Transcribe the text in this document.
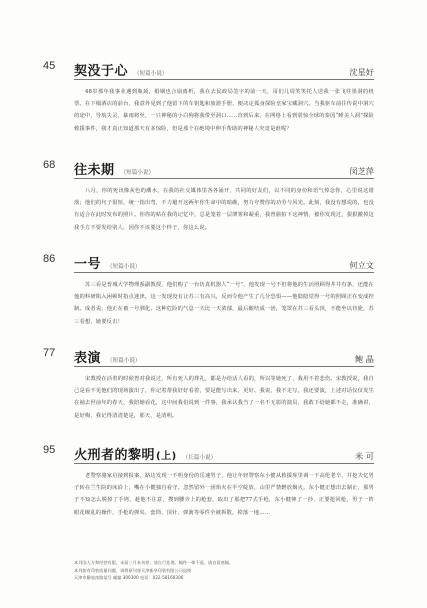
45	契没于心 （短篇小说）	沈星好
48岁那年我事业遇到瓶颈，婚姻也合崩离析，我在去民政局签字的前一天，哥们儿周笑笑托人送我一张飞往墨洞的机票。在下榻酒店的前台，我意外见到了他留下的车钥匙和旅游手册，便决定孤身探险皇家宝藏洞穴。当我驱车前往传说中洞穴的途中，导航失灵，暴雨将至，一只神秘的小白狗将我带至洞口……直到后来，在网络上看到震惊全球的泰国“睡美人洞”探险救援事件，我才真正知道那天有多惊险，但是那个在绝境中伸手帮助的神秘人究竟是谁呢？
68	往未期 （短篇小说）	闵芝萍
八月，你的死讯像灰色的潮水，在我的社交媒体里各各涌开，共同的好友们，以不同的身份和语气悼念你，心里说这错落；他们的句子很短，统一指出弯，不力避开这两年你生命中的暗礁，努力夸赞你的功劳与风光。此刻，我没有想说的，也没有适合在此时发布的照片。你你的贴在我的记忆中，总是笼着一层薄雾和凝重，我曾偷拍下这神情，被你发现过，狠狠撤掉这我手方不要发给别人，因你不该要这个样子，你这么说。
86	一号 （短篇小说）	何立文
苏三看是普城大学物理系副教授，他们购了一台仿真机器人“一号”，他发现一号不但将他的生活照顾得井井有条，还能在他的科研陷入困顿时指点迷津。这一发现没有让苏三有高兴，反而令他产生了几分恐惧——他隐隐觉得一号的照顾正在变成控制。成者说，他正在被一号驯化。这种危险的气息一天比一天浓郁，最后酿结成一团，笼罩在苏三看头顶，不能坐以待毙，苏三看想，她要反击！
77	表演 （短篇小说）	鲍 晶
宋教授在活着的时候曾对我说过，所有死人的葬礼，都是办给活人看的，所以等她死了，我用不着悲伤。宋教授说，我自己是看不见他们的现场演出了，你记着帮我好好看着，要是能写出来，更好。我说，我不走写，我还要演，上述对话仅仅发生在袖去世前年的春天，我陪她看花，这中间我们说到一件事，我承认我当了一名不无影的演员，我敢下给她都不走，准确讲，是好梅，我记得清清楚是，那天，是清明。
95	火刑者的黎明 (上) （长篇小说）	米 可
老警察骆家启接到报案，路边发现一不明身份的岳速男子，他让年轻警察东小健从救援库里调一下高伦老辛，并挖夫忆男子转在兰生院的床沿上，嘴在小健独自看守。忽然留外一团焰火在半空绽放，山里严禁燃放烟火，东小健正想出去制止，那男子不知怎么脱掉了手铐，趁他不注意，搜到腰旁上的枪套，取出了那把77式手枪，东小健伸了一抄，正要抢回枪，男子一阵眼花缭乱的操作，手枪的弹夹、套筒、顶针、弹簧等零件全被拆散，掉落一地……
本刊国人方和经营有限，未届三月本刊停，请自行处理。稿件一律不退，请自留底稿。
本刊如有印装质量问题，请将原刊寄天津新华印装有限公司退换
天津市解放南路某号 邮编 300300 电话：022-58160306
